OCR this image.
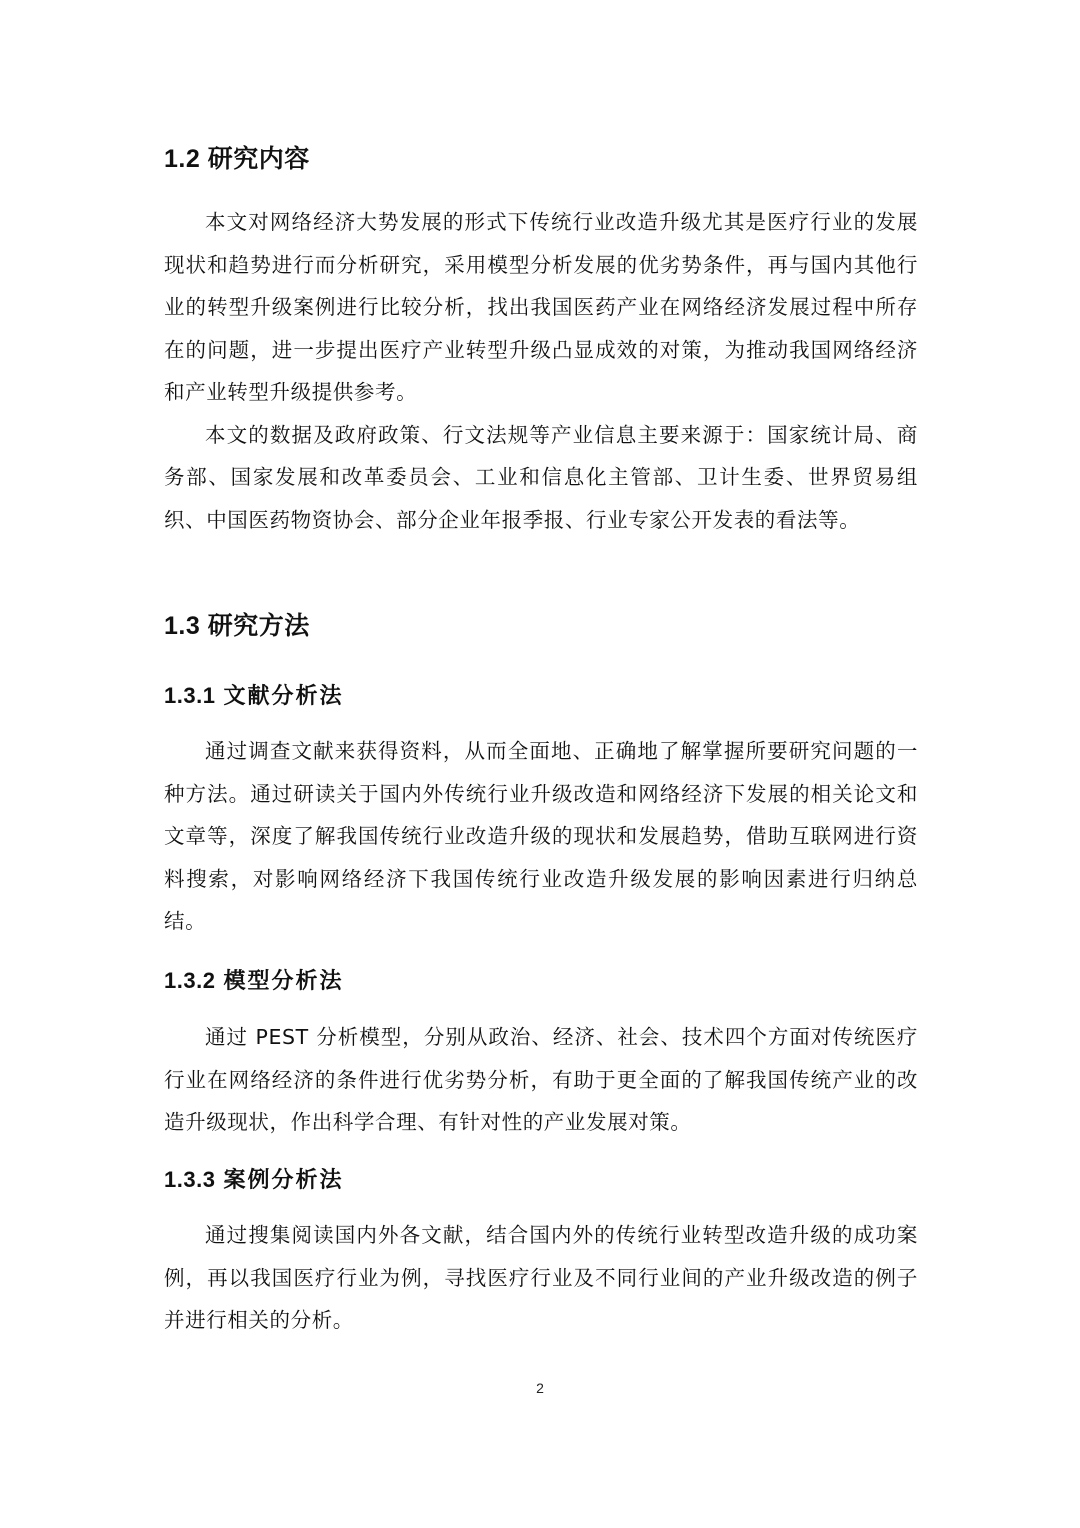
1.2 研究内容

本文对网络经济大势发展的形式下传统行业改造升级尤其是医疗行业的发展现状和趋势进行而分析研究，采用模型分析发展的优劣势条件，再与国内其他行业的转型升级案例进行比较分析，找出我国医药产业在网络经济发展过程中所存在的问题，进一步提出医疗产业转型升级凸显成效的对策，为推动我国网络经济和产业转型升级提供参考。

本文的数据及政府政策、行文法规等产业信息主要来源于：国家统计局、商务部、国家发展和改革委员会、工业和信息化主管部、卫计生委、世界贸易组织、中国医药物资协会、部分企业年报季报、行业专家公开发表的看法等。

1.3 研究方法
1.3.1 文献分析法

通过调查文献来获得资料，从而全面地、正确地了解掌握所要研究问题的一种方法。通过研读关于国内外传统行业升级改造和网络经济下发展的相关论文和文章等，深度了解我国传统行业改造升级的现状和发展趋势，借助互联网进行资料搜索，对影响网络经济下我国传统行业改造升级发展的影响因素进行归纳总结。

1.3.2 模型分析法

通过 PEST 分析模型，分别从政治、经济、社会、技术四个方面对传统医疗行业在网络经济的条件进行优劣势分析，有助于更全面的了解我国传统产业的改造升级现状，作出科学合理、有针对性的产业发展对策。

1.3.3 案例分析法

通过搜集阅读国内外各文献，结合国内外的传统行业转型改造升级的成功案例，再以我国医疗行业为例，寻找医疗行业及不同行业间的产业升级改造的例子并进行相关的分析。

2
